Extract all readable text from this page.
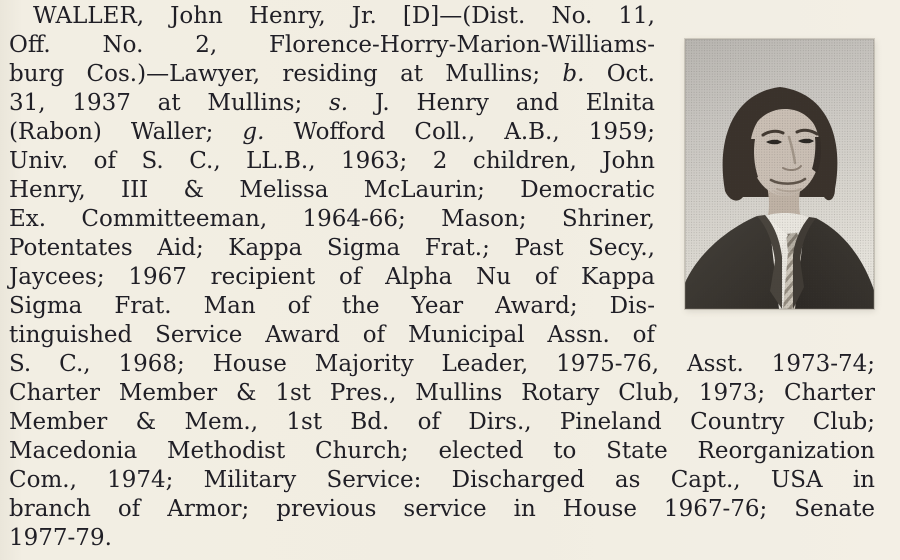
WALLER, John Henry, Jr. [D]—(Dist. No. 11,
Off. No. 2, Florence-Horry-Marion-Williams-
burg Cos.)—Lawyer, residing at Mullins; b. Oct.
31, 1937 at Mullins; s. J. Henry and Elnita
(Rabon) Waller; g. Wofford Coll., A.B., 1959;
Univ. of S. C., LL.B., 1963; 2 children, John
Henry, III & Melissa McLaurin; Democratic
Ex. Committeeman, 1964-66; Mason; Shriner,
Potentates Aid; Kappa Sigma Frat.; Past Secy.,
Jaycees; 1967 recipient of Alpha Nu of Kappa
Sigma Frat. Man of the Year Award; Dis-
tinguished Service Award of Municipal Assn. of
S. C., 1968; House Majority Leader, 1975-76, Asst. 1973-74;
Charter Member & 1st Pres., Mullins Rotary Club, 1973; Charter
Member & Mem., 1st Bd. of Dirs., Pineland Country Club;
Macedonia Methodist Church; elected to State Reorganization
Com., 1974; Military Service: Discharged as Capt., USA in
branch of Armor; previous service in House 1967-76; Senate
1977-79.
